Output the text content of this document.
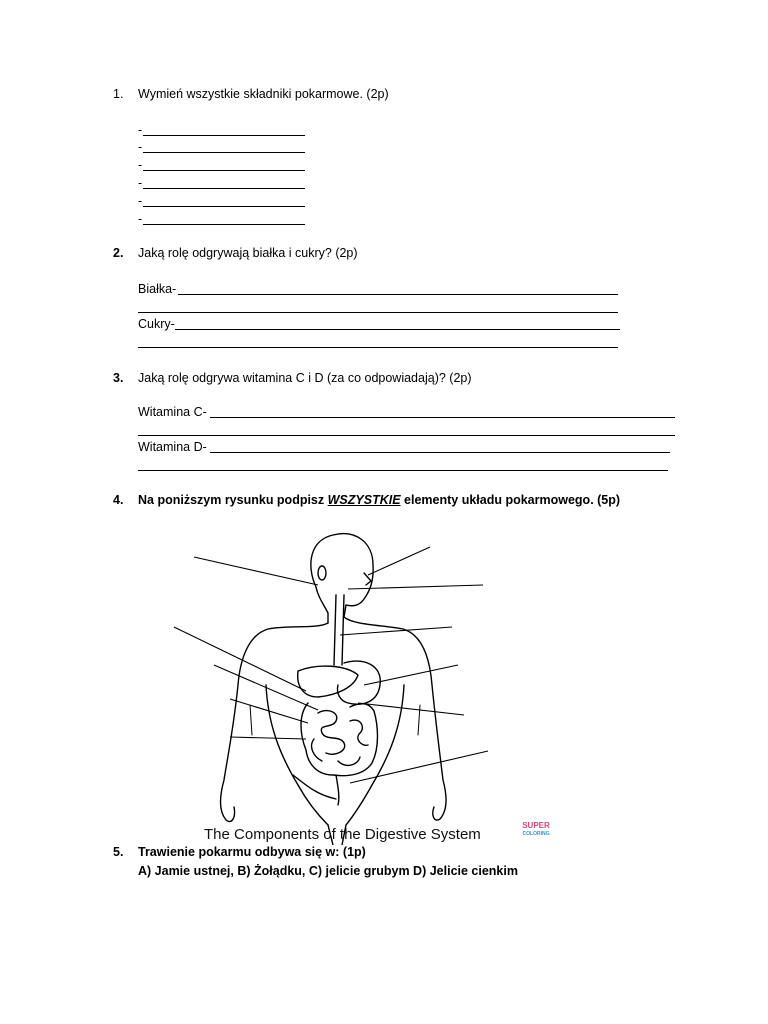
1. Wymień wszystkie składniki pokarmowe. (2p)
-
-
-
-
-
-
2. Jaką rolę odgrywają białka i cukry? (2p)
Białka-
Cukry-
3. Jaką rolę odgrywa witamina C i D (za co odpowiadają)? (2p)
Witamina C-
Witamina D-
4. Na poniższym rysunku podpisz WSZYSTKIE elementy układu pokarmowego. (5p)
The Components of the Digestive System
SUPER
COLORING
5. Trawienie pokarmu odbywa się w: (1p)
A) Jamie ustnej, B) Żołądku, C) jelicie grubym D) Jelicie cienkim
